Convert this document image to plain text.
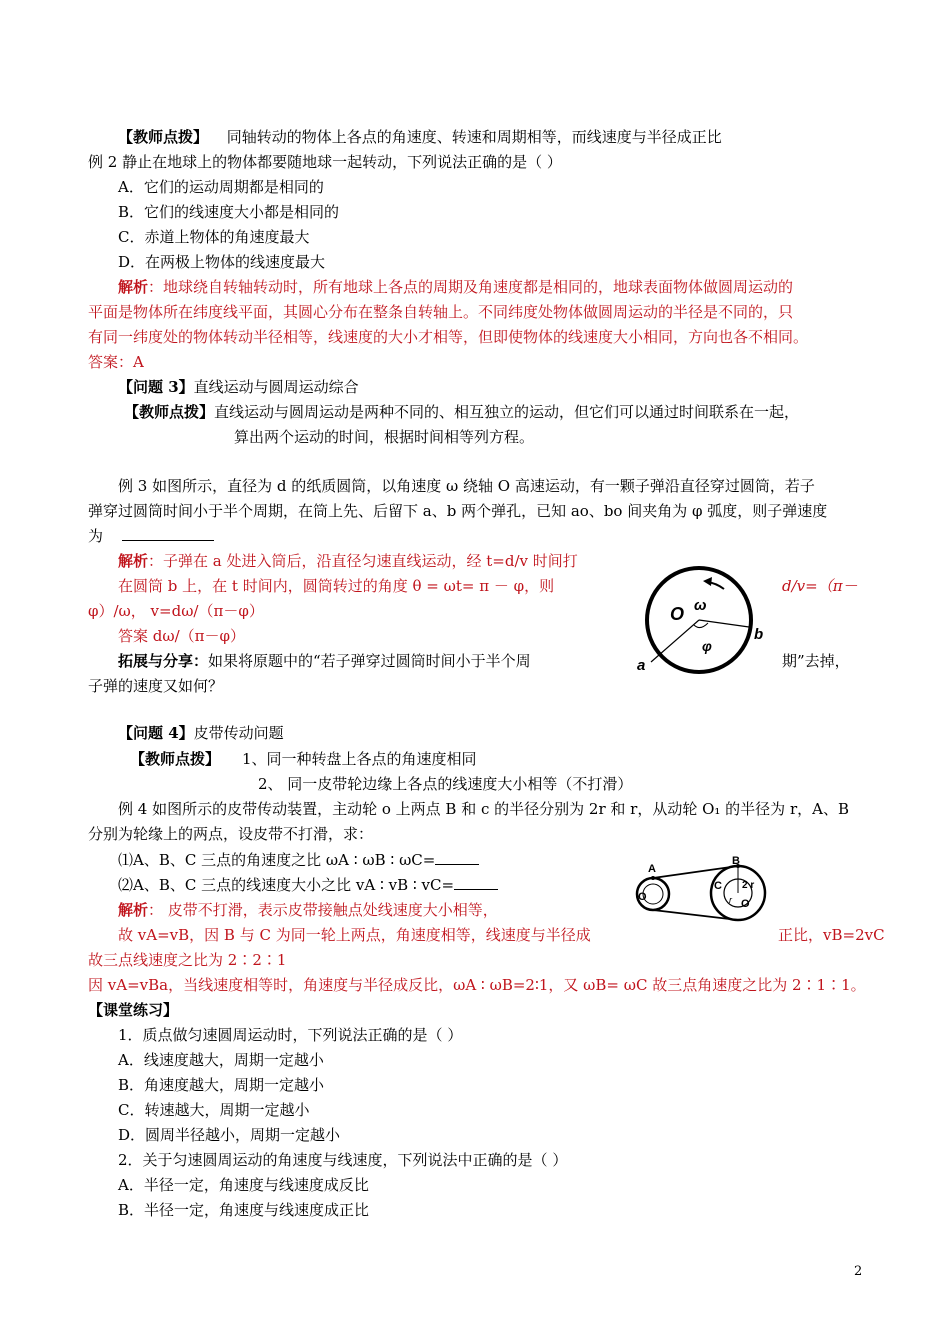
【教师点拨】 同轴转动的物体上各点的角速度、转速和周期相等，而线速度与半径成正比
例 2 静止在地球上的物体都要随地球一起转动，下列说法正确的是（ ）
A．它们的运动周期都是相同的
B．它们的线速度大小都是相同的
C．赤道上物体的角速度最大
D．在两极上物体的线速度最大
解析：地球绕自转轴转动时，所有地球上各点的周期及角速度都是相同的，地球表面物体做圆周运动的
平面是物体所在纬度线平面，其圆心分布在整条自转轴上。不同纬度处物体做圆周运动的半径是不同的，只
有同一纬度处的物体转动半径相等，线速度的大小才相等，但即使物体的线速度大小相同，方向也各不相同。
答案：A
【问题 3】直线运动与圆周运动综合
【教师点拨】直线运动与圆周运动是两种不同的、相互独立的运动，但它们可以通过时间联系在一起，
算出两个运动的时间，根据时间相等列方程。
例 3 如图所示，直径为 d 的纸质圆筒，以角速度 ω 绕轴 O 高速运动，有一颗子弹沿直径穿过圆筒，若子
弹穿过圆筒时间小于半个周期，在筒上先、后留下 a、b 两个弹孔，已知 ao、bo 间夹角为 φ 弧度，则子弹速度
为
解析：子弹在 a 处进入筒后，沿直径匀速直线运动，经 t=d/v 时间打
在圆筒 b 上，在 t 时间内，圆筒转过的角度 θ = ωt= π － φ，则	d/v=（π－
φ）/ω， v=dω/（π－φ）
答案 dω/（π－φ）
拓展与分享：如果将原题中的“若子弹穿过圆筒时间小于半个周	期”去掉，
子弹的速度又如何？
O ω
φ
a
b
【问题 4】皮带传动问题
【教师点拨】 1、同一种转盘上各点的角速度相同
2、 同一皮带轮边缘上各点的线速度大小相等（不打滑）
例 4 如图所示的皮带传动装置，主动轮 o 上两点 B 和 c 的半径分别为 2r 和 r，从动轮 O₁ 的半径为 r，A、B
分别为轮缘上的两点，设皮带不打滑，求：
⑴A、B、C 三点的角速度之比 ωA ∶ ωB ∶ ωC=
⑵A、B、C 三点的线速度大小之比 vA ∶ vB ∶ vC=
解析： 皮带不打滑，表示皮带接触点处线速度大小相等，
故 vA=vB，因 B 与 C 为同一轮上两点，角速度相等，线速度与半径成	正比，vB=2vC
故三点线速度之比为 2∶2∶1
因 vA=vBa，当线速度相等时，角速度与半径成反比，ωA ∶ ωB=2∶1，又 ωB= ωC 故三点角速度之比为 2∶1∶1。
A
B
C 2 r
r O
O
【课堂练习】
1．质点做匀速圆周运动时，下列说法正确的是（ ）
A．线速度越大，周期一定越小
B．角速度越大，周期一定越小
C．转速越大，周期一定越小
D．圆周半径越小，周期一定越小
2．关于匀速圆周运动的角速度与线速度，下列说法中正确的是（ ）
A．半径一定，角速度与线速度成反比
B．半径一定，角速度与线速度成正比
2
